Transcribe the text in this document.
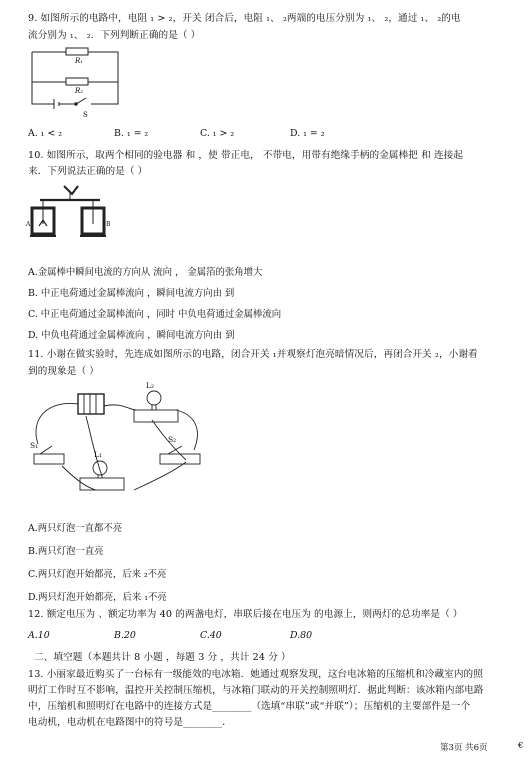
9. 如图所示的电路中，电阻 ₁ > ₂，开关 闭合后，电阻 ₁、 ₂两端的电压分别为 ₁、 ₂，通过 ₁、 ₂的电
流分别为 ₁、 ₂．下列判断正确的是（ ）
R₁
R₂
S
A. ₁ < ₂	B. ₁ = ₂	C. ₁ > ₂	D. ₁ = ₂
10. 如图所示，取两个相同的验电器 和 ，使 带正电， 不带电，用带有绝缘手柄的金属棒把 和 连接起
来．下列说法正确的是（ ）
A	B
A.金属棒中瞬间电流的方向从 流向 ， 金属箔的张角增大
B. 中正电荷通过金属棒流向 ，瞬间电流方向由 到
C. 中正电荷通过金属棒流向 ，同时 中负电荷通过金属棒流向
D. 中负电荷通过金属棒流向 ，瞬间电流方向由 到
11. 小谢在做实验时，先连成如图所示的电路，闭合开关 ₁并观察灯泡亮暗情况后，再闭合开关 ₂，小谢看
到的现象是（ ）
S₁
L₂
S₂
L₁
A.两只灯泡一直都不亮
B.两只灯泡一直亮
C.两只灯泡开始都亮，后来 ₂不亮
D.两只灯泡开始都亮，后来 ₁不亮
12. 额定电压为 、额定功率为 40 的两盏电灯，串联后接在电压为 的电源上，则两灯的总功率是（ ）
A.10	B.20	C.40	D.80
二、填空题（本题共计 8 小题 ，每题 3 分 ，共计 24 分 ）
13. 小丽家最近购买了一台标有一级能效的电冰箱．她通过观察发现，这台电冰箱的压缩机和冷藏室内的照
明灯工作时互不影响，温控开关控制压缩机，与冰箱门联动的开关控制照明灯．据此判断：该冰箱内部电路
中，压缩机和照明灯在电路中的连接方式是________（选填“串联”或“并联”）；压缩机的主要部件是一个
电动机，电动机在电路图中的符号是________．
第3页 共6页	€
